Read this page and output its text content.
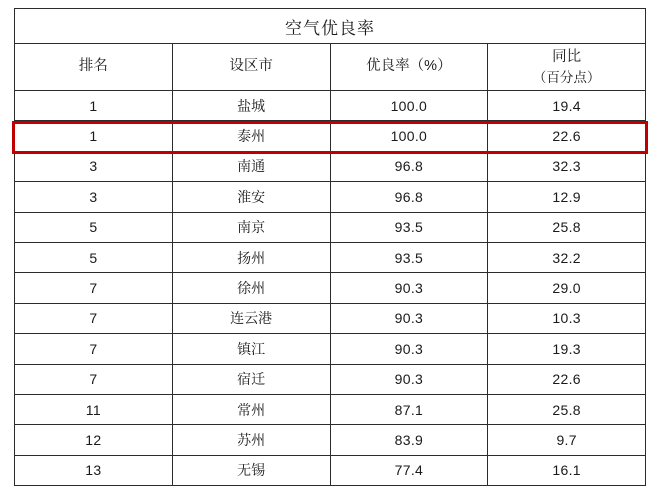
空气优良率			
排名	设区市	优良率（%）	同比
（百分点）

1	盐城	100.0	19.4
1	泰州	100.0	22.6
3	南通	96.8	32.3
3	淮安	96.8	12.9
5	南京	93.5	25.8
5	扬州	93.5	32.2
7	徐州	90.3	29.0
7	连云港	90.3	10.3
7	镇江	90.3	19.3
7	宿迁	90.3	22.6
11	常州	87.1	25.8
12	苏州	83.9	9.7
13	无锡	77.4	16.1
